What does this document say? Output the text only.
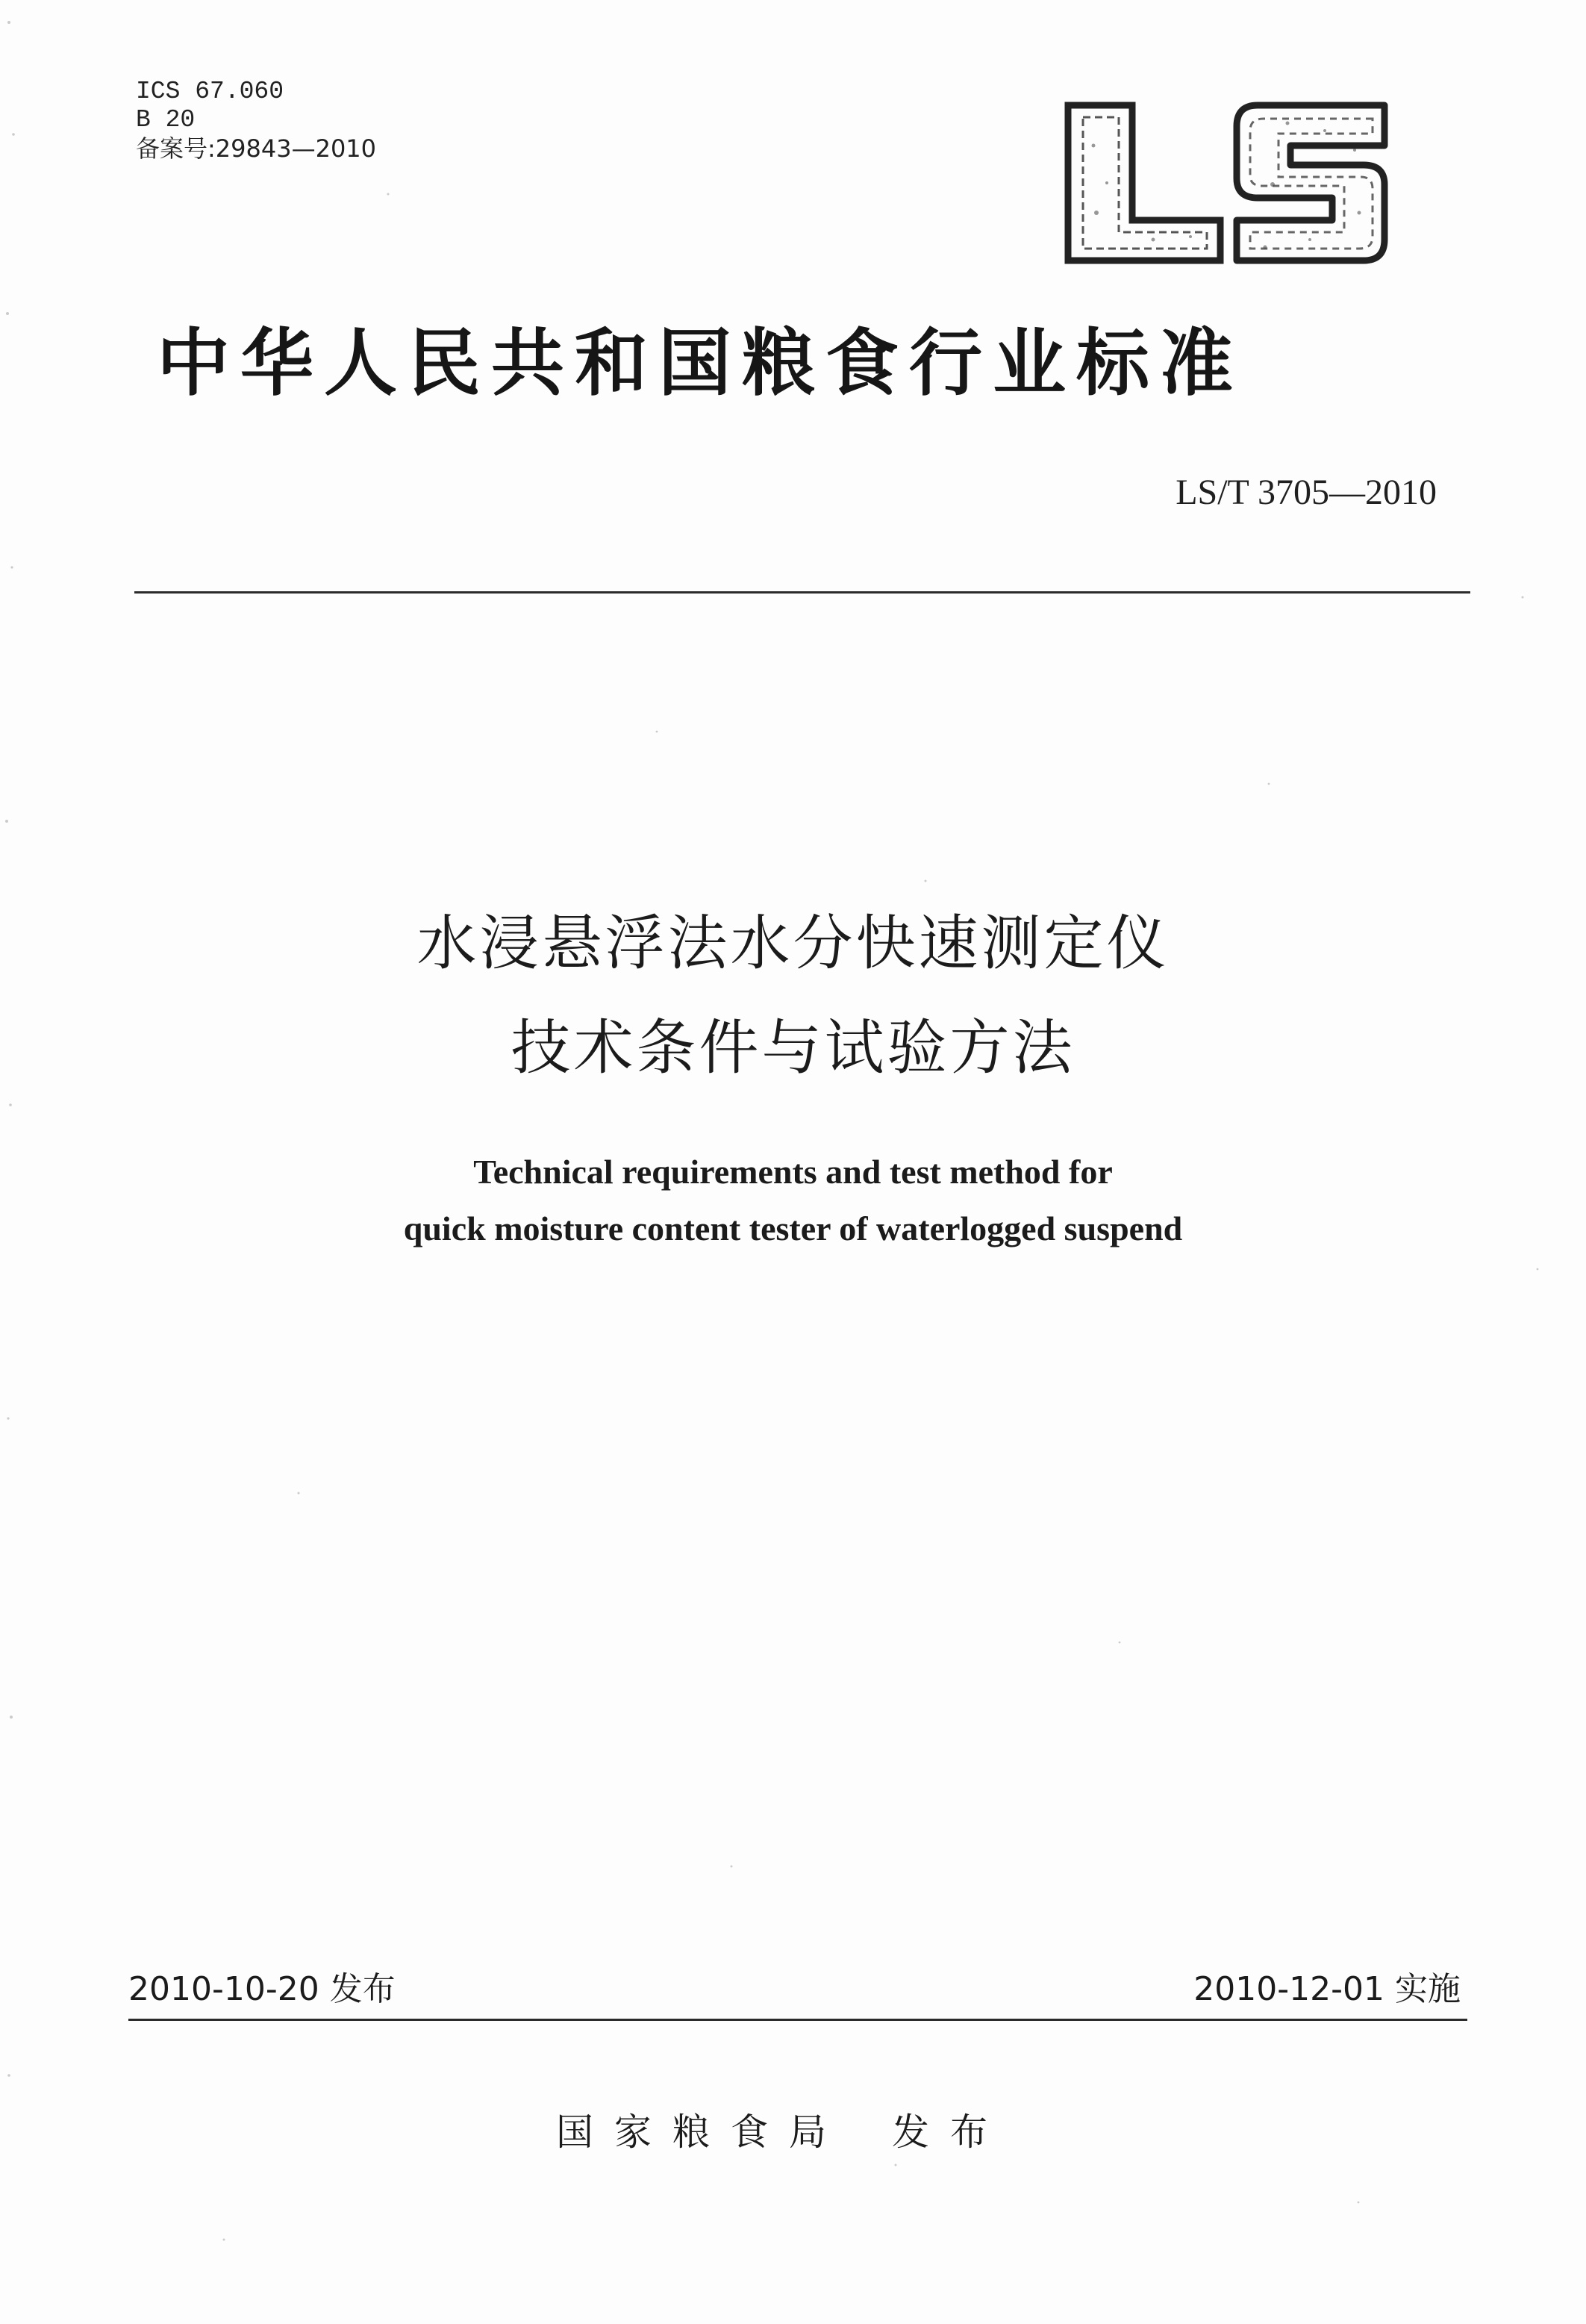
ICS 67.060
B 20
备案号:29843—2010
中华人民共和国粮食行业标准
LS/T 3705—2010
水浸悬浮法水分快速测定仪
技术条件与试验方法
Technical requirements and test method for
quick moisture content tester of waterlogged suspend
2010-10-20 发布	2010-12-01 实施
国家粮食局 发布
